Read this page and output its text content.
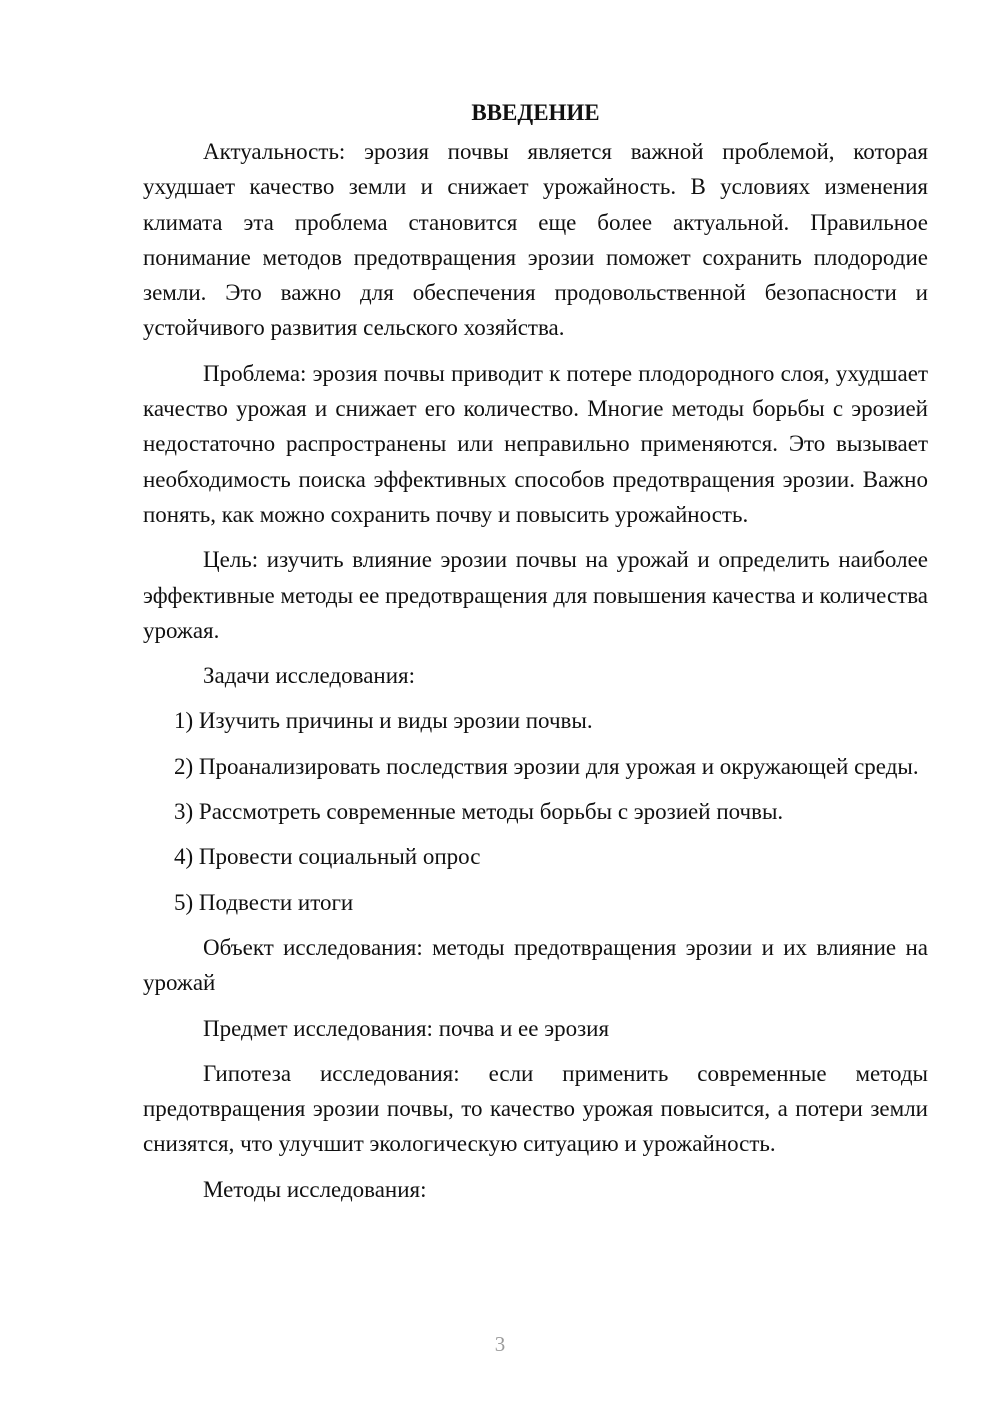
ВВЕДЕНИЕ

Актуальность: эрозия почвы является важной проблемой, которая ухудшает качество земли и снижает урожайность. В условиях изменения климата эта проблема становится еще более актуальной. Правильное понимание методов предотвращения эрозии поможет сохранить плодородие земли. Это важно для обеспечения продовольственной безопасности и устойчивого развития сельского хозяйства.

Проблема: эрозия почвы приводит к потере плодородного слоя, ухудшает качество урожая и снижает его количество. Многие методы борьбы с эрозией недостаточно распространены или неправильно применяются. Это вызывает необходимость поиска эффективных способов предотвращения эрозии. Важно понять, как можно сохранить почву и повысить урожайность.

Цель: изучить влияние эрозии почвы на урожай и определить наиболее эффективные методы ее предотвращения для повышения качества и количества урожая.

Задачи исследования:

1) Изучить причины и виды эрозии почвы.

2) Проанализировать последствия эрозии для урожая и окружающей среды.

3) Рассмотреть современные методы борьбы с эрозией почвы.

4) Провести социальный опрос

5) Подвести итоги

Объект исследования: методы предотвращения эрозии и их влияние на урожай

Предмет исследования: почва и ее эрозия

Гипотеза исследования: если применить современные методы предотвращения эрозии почвы, то качество урожая повысится, а потери земли снизятся, что улучшит экологическую ситуацию и урожайность.

Методы исследования:

3
